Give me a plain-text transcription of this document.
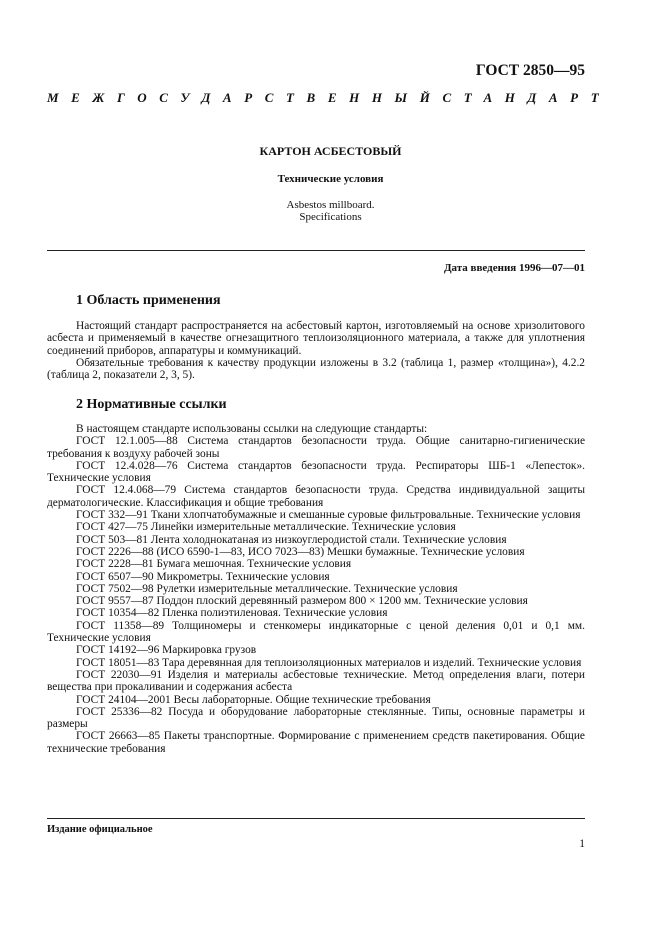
ГОСТ 2850—95
МЕЖГОСУДАРСТВЕННЫЙ СТАНДАРТ
КАРТОН АСБЕСТОВЫЙ
Технические условия
Asbestos millboard.
Specifications
Дата введения 1996—07—01
1 Область применения

Настоящий стандарт распространяется на асбестовый картон, изготовляемый на основе хризолитового асбеста и применяемый в качестве огнезащитного теплоизоляционного материала, а также для уплотнения соединений приборов, аппаратуры и коммуникаций.

Обязательные требования к качеству продукции изложены в 3.2 (таблица 1, размер «толщина»), 4.2.2 (таблица 2, показатели 2, 3, 5).

2 Нормативные ссылки

В настоящем стандарте использованы ссылки на следующие стандарты:

ГОСТ 12.1.005—88 Система стандартов безопасности труда. Общие санитарно-гигиенические требования к воздуху рабочей зоны

ГОСТ 12.4.028—76 Система стандартов безопасности труда. Респираторы ШБ-1 «Лепесток». Технические условия

ГОСТ 12.4.068—79 Система стандартов безопасности труда. Средства индивидуальной защиты дерматологические. Классификация и общие требования

ГОСТ 332—91 Ткани хлопчатобумажные и смешанные суровые фильтровальные. Технические условия

ГОСТ 427—75 Линейки измерительные металлические. Технические условия

ГОСТ 503—81 Лента холоднокатаная из низкоуглеродистой стали. Технические условия

ГОСТ 2226—88 (ИСО 6590-1—83, ИСО 7023—83) Мешки бумажные. Технические условия

ГОСТ 2228—81 Бумага мешочная. Технические условия

ГОСТ 6507—90 Микрометры. Технические условия

ГОСТ 7502—98 Рулетки измерительные металлические. Технические условия

ГОСТ 9557—87 Поддон плоский деревянный размером 800 × 1200 мм. Технические условия

ГОСТ 10354—82 Пленка полиэтиленовая. Технические условия

ГОСТ 11358—89 Толщиномеры и стенкомеры индикаторные с ценой деления 0,01 и 0,1 мм. Технические условия

ГОСТ 14192—96 Маркировка грузов

ГОСТ 18051—83 Тара деревянная для теплоизоляционных материалов и изделий. Технические условия

ГОСТ 22030—91 Изделия и материалы асбестовые технические. Метод определения влаги, потери вещества при прокаливании и содержания асбеста

ГОСТ 24104—2001 Весы лабораторные. Общие технические требования

ГОСТ 25336—82 Посуда и оборудование лабораторные стеклянные. Типы, основные параметры и размеры

ГОСТ 26663—85 Пакеты транспортные. Формирование с применением средств пакетирования. Общие технические требования

Издание официальное
1
